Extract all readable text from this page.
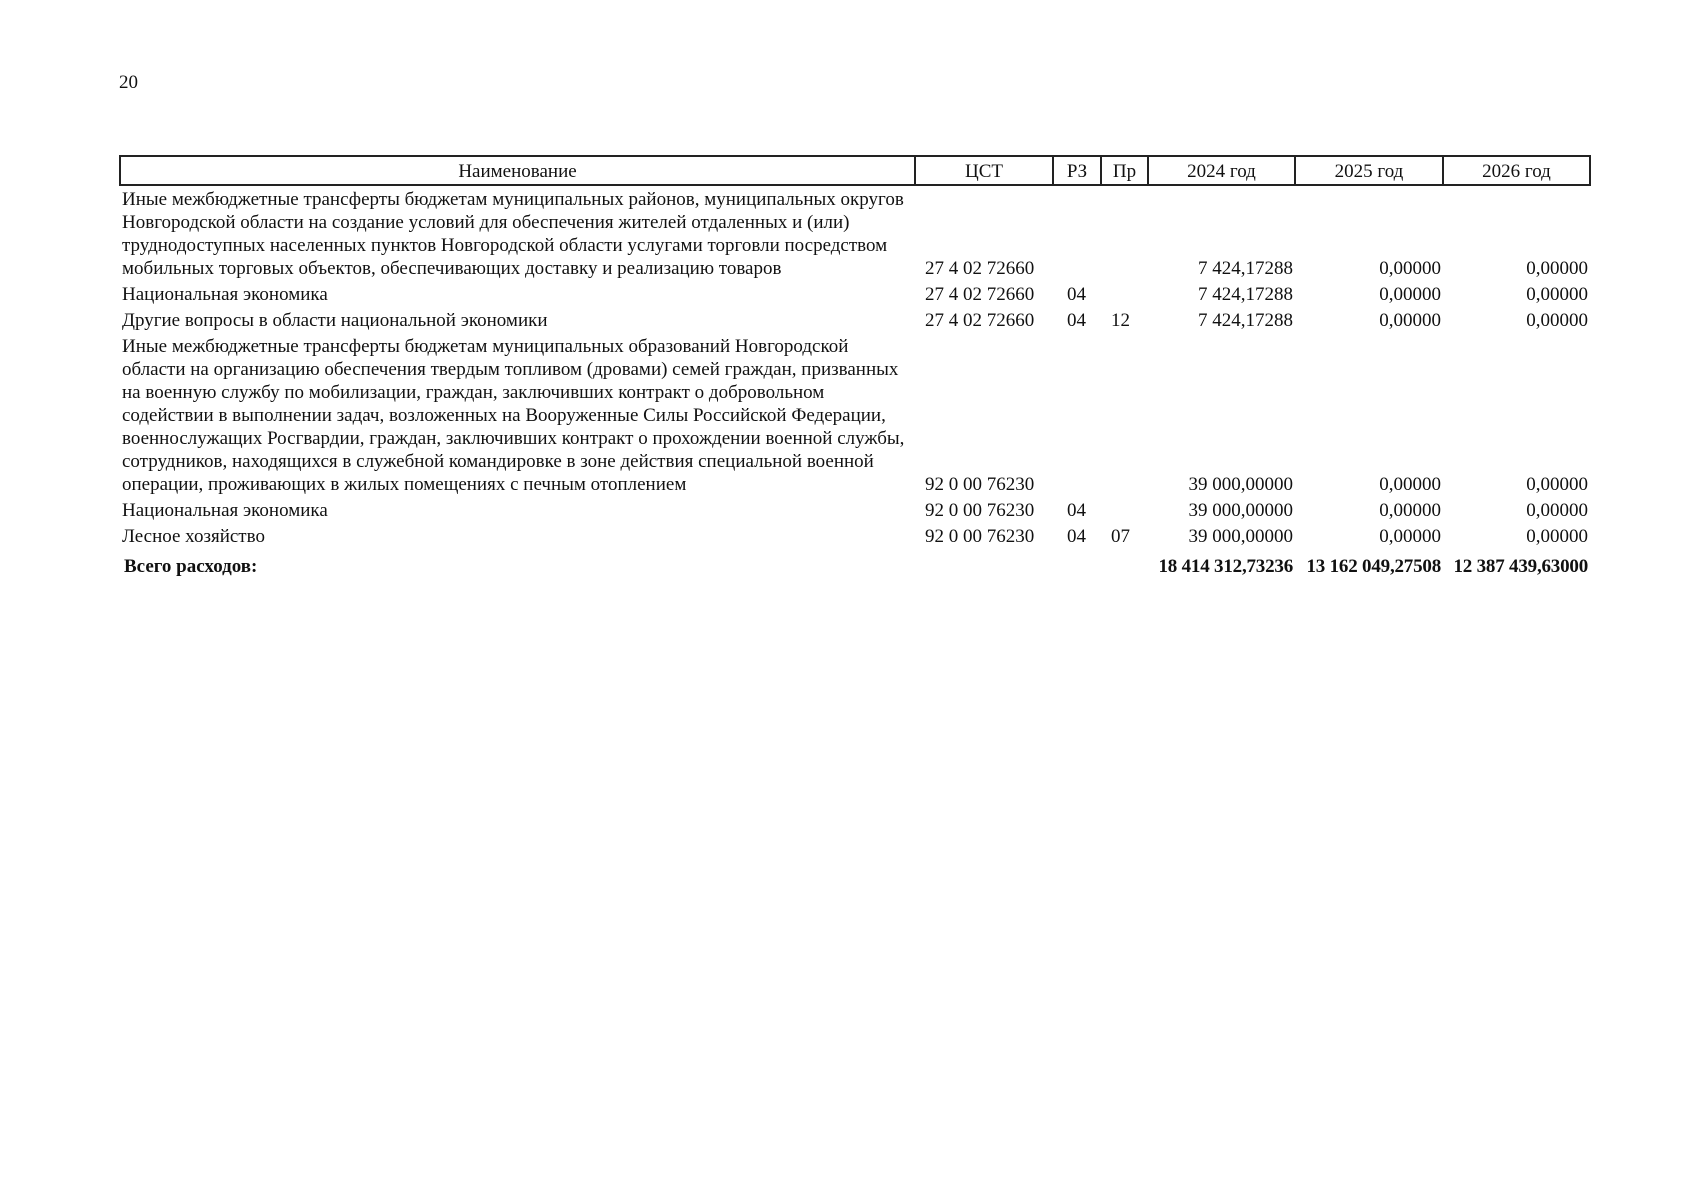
20
Наименование	ЦСТ	РЗ	Пр	2024 год	2025 год	2026 год
Иные межбюджетные трансферты бюджетам муниципальных районов, муниципальных округов Новгородской области на создание условий для обеспечения жителей отдаленных и (или) труднодоступных населенных пунктов Новгородской области услугами торговли посредством мобильных торговых объектов, обеспечивающих доставку и реализацию товаров	27 4 02 72660			7 424,17288	0,00000	0,00000
Национальная экономика	27 4 02 72660	04		7 424,17288	0,00000	0,00000
Другие вопросы в области национальной экономики	27 4 02 72660	04	12	7 424,17288	0,00000	0,00000
Иные межбюджетные трансферты бюджетам муниципальных образований Новгородской области на организацию обеспечения твердым топливом (дровами) семей граждан, призванных на военную службу по мобилизации, граждан, заключивших контракт о добровольном содействии в выполнении задач, возложенных на Вооруженные Силы Российской Федерации, военнослужащих Росгвардии, граждан, заключивших контракт о прохождении военной службы, сотрудников, находящихся в служебной командировке в зоне действия специальной военной операции, проживающих в жилых помещениях с печным отоплением	92 0 00 76230			39 000,00000	0,00000	0,00000
Национальная экономика	92 0 00 76230	04		39 000,00000	0,00000	0,00000
Лесное хозяйство	92 0 00 76230	04	07	39 000,00000	0,00000	0,00000
Всего расходов:				18 414 312,73236	13 162 049,27508	12 387 439,63000
